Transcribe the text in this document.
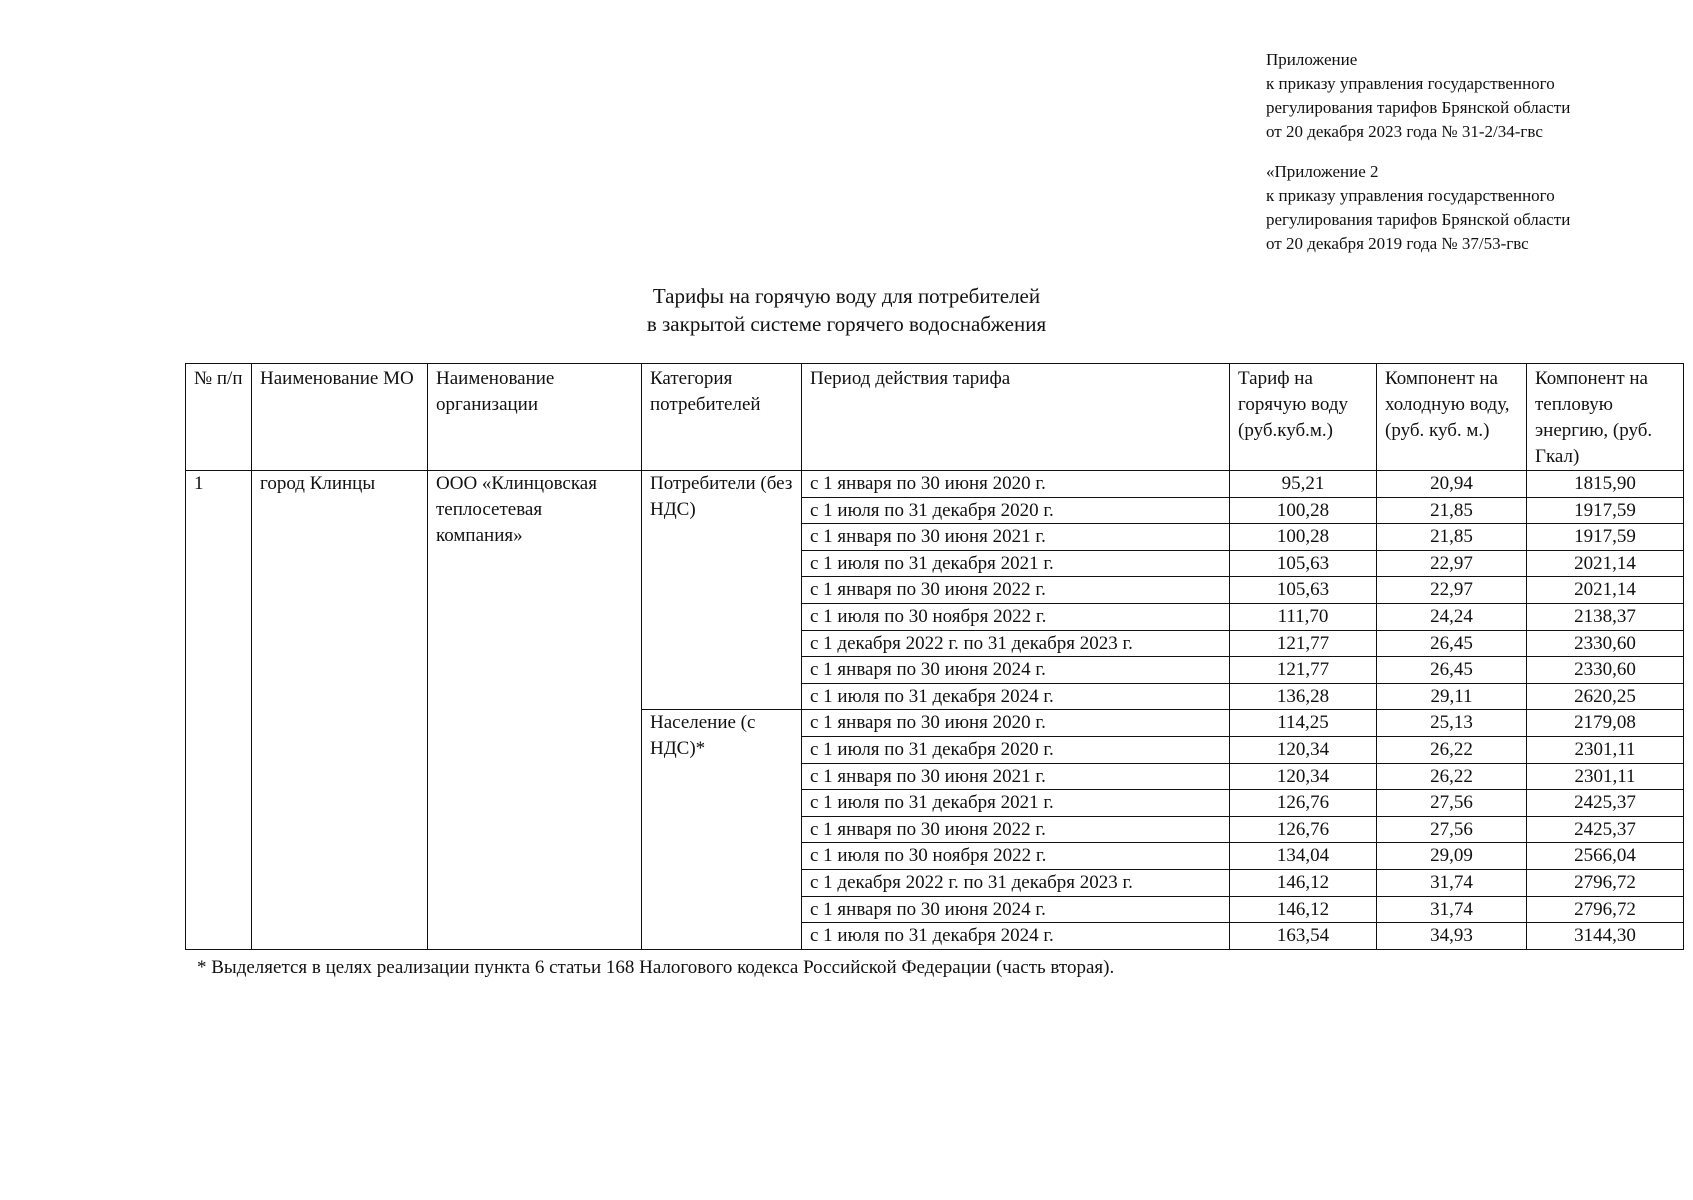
Приложение
к приказу управления государственного
регулирования тарифов Брянской области
от 20 декабря 2023 года № 31-2/34-гвс
«Приложение 2
к приказу управления государственного
регулирования тарифов Брянской области
от 20 декабря 2019 года № 37/53-гвс
Тарифы на горячую воду для потребителей
в закрытой системе горячего водоснабжения
№ п/п	Наименование МО	Наименование организации	Категория потребителей	Период действия тарифа	Тариф на горячую воду (руб.куб.м.)	Компонент на холодную воду, (руб. куб. м.)	Компонент на тепловую энергию, (руб. Гкал)
1	город Клинцы	ООО «Клинцовская теплосетевая компания»	Потребители (без НДС)	с 1 января по 30 июня 2020 г.	95,21	20,94	1815,90
				с 1 июля по 31 декабря 2020 г.	100,28	21,85	1917,59
				с 1 января по 30 июня 2021 г.	100,28	21,85	1917,59
				с 1 июля по 31 декабря 2021 г.	105,63	22,97	2021,14
				с 1 января по 30 июня 2022 г.	105,63	22,97	2021,14
				с 1 июля по 30 ноября 2022 г.	111,70	24,24	2138,37
				с 1 декабря 2022 г. по 31 декабря 2023 г.	121,77	26,45	2330,60
				с 1 января по 30 июня 2024 г.	121,77	26,45	2330,60
				с 1 июля по 31 декабря 2024 г.	136,28	29,11	2620,25
			Население (с НДС)*	с 1 января по 30 июня 2020 г.	114,25	25,13	2179,08
				с 1 июля по 31 декабря 2020 г.	120,34	26,22	2301,11
				с 1 января по 30 июня 2021 г.	120,34	26,22	2301,11
				с 1 июля по 31 декабря 2021 г.	126,76	27,56	2425,37
				с 1 января по 30 июня 2022 г.	126,76	27,56	2425,37
				с 1 июля по 30 ноября 2022 г.	134,04	29,09	2566,04
				с 1 декабря 2022 г. по 31 декабря 2023 г.	146,12	31,74	2796,72
				с 1 января по 30 июня 2024 г.	146,12	31,74	2796,72
				с 1 июля по 31 декабря 2024 г.	163,54	34,93	3144,30
* Выделяется в целях реализации пункта 6 статьи 168 Налогового кодекса Российской Федерации (часть вторая).
